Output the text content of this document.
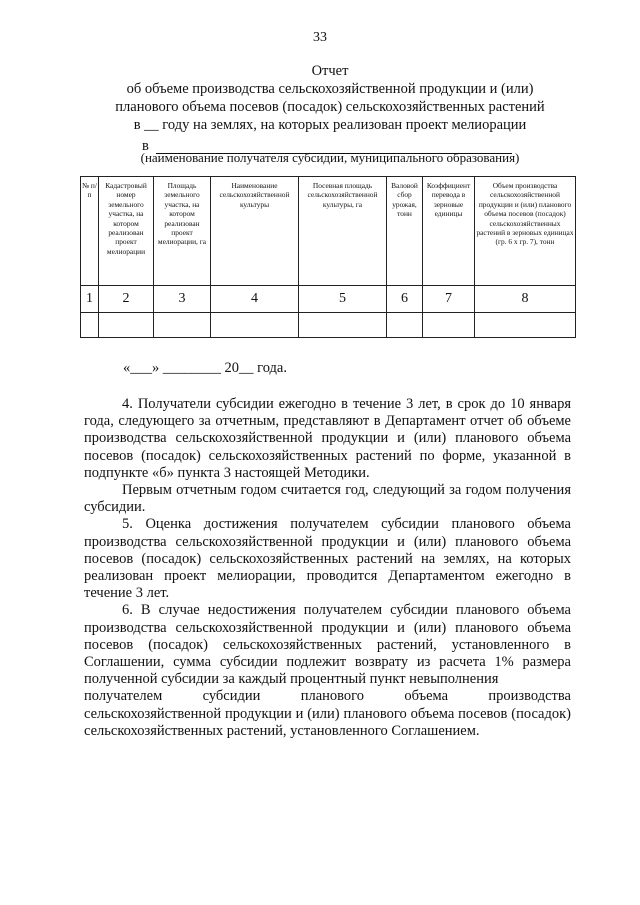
33
Отчет
об объеме производства сельскохозяйственной продукции и (или)
планового объема посевов (посадок) сельскохозяйственных растений
в __ году на землях, на которых реализован проект мелиорации
в
(наименование получателя субсидии, муниципального образования)
№ п/п	Кадастровый номер земельного участка, на котором реализован проект мелиорации	Площадь земельного участка, на котором реализован проект мелиорации, га	Наименование сельскохозяйственной культуры	Посевная площадь сельскохозяйственной культуры, га	Валовой сбор урожая, тонн	Коэффициент перевода в зерновые единицы	Объем производства сельскохозяйственной продукции и (или) планового объема посевов (посадок) сельскохозяйственных растений в зерновых единицах (гр. 6 х гр. 7), тонн
1	2	3	4	5	6	7	8

«___» ________ 20__ года.

4. Получатели субсидии ежегодно в течение 3 лет, в срок до 10 января года, следующего за отчетным, представляют в Департамент отчет об объеме производства сельскохозяйственной продукции и (или) планового объема посевов (посадок) сельскохозяйственных растений по форме, указанной в подпункте «б» пункта 3 настоящей Методики.

Первым отчетным годом считается год, следующий за годом получения субсидии.

5. Оценка достижения получателем субсидии планового объема производства сельскохозяйственной продукции и (или) планового объема посевов (посадок) сельскохозяйственных растений на землях, на которых реализован проект мелиорации, проводится Департаментом ежегодно в течение 3 лет.

6. В случае недостижения получателем субсидии планового объема производства сельскохозяйственной продукции и (или) планового объема посевов (посадок) сельскохозяйственных растений, установленного в Соглашении, сумма субсидии подлежит возврату из расчета 1% размера полученной субсидии за каждый процентный пункт невыполнения

получателем	субсидии	планового	объема	производства

сельскохозяйственной продукции и (или) планового объема посевов (посадок) сельскохозяйственных растений, установленного Соглашением.
